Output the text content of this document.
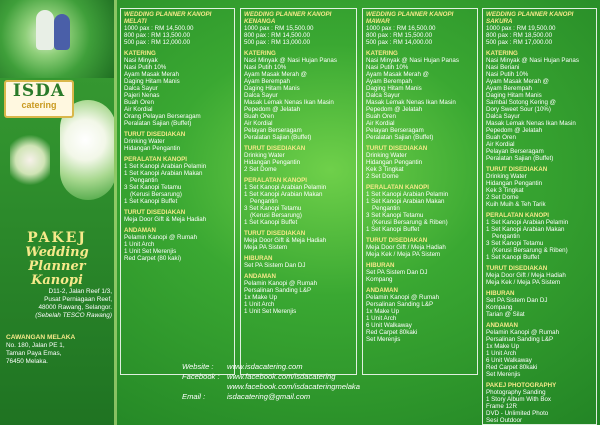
ISDA
catering
PAKEJ
Wedding Planner
Kanopi
D11-2, Jalan Reef 1/3,
Pusat Perniagaan Reef,
48000 Rawang, Selangor.
(Sebelah TESCO Rawang)
CAWANGAN MELAKA
No. 180, Jalan PE 1,
Taman Paya Emas,
76450 Melaka.
WEDDING PLANNER KANOPI MELATI
1000 pax : RM 14,500.00
800 pax : RM 13,500.00
500 pax : RM 12,000.00
KATERING
Nasi Minyak
Nasi Putih 10%
Ayam Masak Merah
Daging Hitam Manis
Dalca Sayur
Pajeri Nenas
Buah Oren
Air Kordial
Orang Pelayan Berseragam
Peralatan Sajian (Buffet)
TURUT DISEDIAKAN
Drinking Water
Hidangan Pengantin
PERALATAN KANOPI
1 Set Kanopi Arabian Pelamin
1 Set Kanopi Arabian Makan
Pengantin
3 Set Kanopi Tetamu
(Kerusi Bersarung)
1 Set Kanopi Buffet
TURUT DISEDIAKAN
Meja Door Gift & Meja Hadiah
ANDAMAN
Pelamin Kanopi @ Rumah
1 Unit Arch
1 Unit Set Merenjis
Red Carpet (80 kaki)
WEDDING PLANNER KANOPI KENANGA
1000 pax : RM 15,500.00
800 pax : RM 14,500.00
500 pax : RM 13,000.00
KATERING
Nasi Minyak @ Nasi Hujan Panas
Nasi Putih 10%
Ayam Masak Merah @
Ayam Berempah
Daging Hitam Manis
Dalca Sayur
Masak Lemak Nenas Ikan Masin
Pepedom @ Jelatah
Buah Oren
Air Kordial
Pelayan Berseragam
Peralatan Sajian (Buffet)
TURUT DISEDIAKAN
Drinking Water
Hidangan Pengantin
2 Set Dome
PERALATAN KANOPI
1 Set Kanopi Arabian Pelamin
1 Set Kanopi Arabian Makan
Pengantin
3 Set Kanopi Tetamu
(Kerusi Bersarung)
1 Set Kanopi Buffet
TURUT DISEDIAKAN
Meja Door Gift & Meja Hadiah
Meja PA Sistem
HIBURAN
Set PA Sistem Dan DJ
ANDAMAN
Pelamin Kanopi @ Rumah
Persalinan Sanding L&P
1x Make Up
1 Unit Arch
1 Unit Set Merenjis
WEDDING PLANNER KANOPI MAWAR
1000 pax : RM 16,500.00
800 pax : RM 15,500.00
500 pax : RM 14,000.00
KATERING
Nasi Minyak @ Nasi Hujan Panas
Nasi Putih 10%
Ayam Masak Merah @
Ayam Berempah
Daging Hitam Manis
Dalca Sayur
Masak Lemak Nenas Ikan Masin
Pepedom @ Jelatah
Buah Oren
Air Kordial
Pelayan Berseragam
Peralatan Sajian (Buffet)
TURUT DISEDIAKAN
Drinking Water
Hidangan Pengantin
Kek 3 Tingkat
2 Set Dome
PERALATAN KANOPI
1 Set Kanopi Arabian Pelamin
1 Set Kanopi Arabian Makan
Pengantin
3 Set Kanopi Tetamu
(Kerusi Bersarung & Riben)
1 Set Kanopi Buffet
TURUT DISEDIAKAN
Meja Door Gift / Meja Hadiah
Meja Kek / Meja PA Sistem
HIBURAN
Set PA Sistem Dan DJ
Kompang
ANDAMAN
Pelamin Kanopi @ Rumah
Persalinan Sanding L&P
1x Make Up
1 Unit Arch
6 Unit Walkaway
Red Carpet 80kaki
Set Merenjis
WEDDING PLANNER KANOPI SAKURA
1000 pax : RM 19,500.00
800 pax : RM 18,500.00
500 pax : RM 17,000.00
KATERING
Nasi Minyak @ Nasi Hujan Panas
Nasi Beriani
Nasi Putih 10%
Ayam Masak Merah @
Ayam Berempah
Daging Hitam Manis
Sambal Sotong Kering @
Dory Sweet Sour (10%)
Dalca Sayur
Masak Lemak Nenas Ikan Masin
Pepedom @ Jelatah
Buah Oren
Air Kordial
Pelayan Berseragam
Peralatan Sajian (Buffet)
TURUT DISEDIAKAN
Drinking Water
Hidangan Pengantin
Kek 3 Tingkat
2 Set Dome
Kuih Muih & Teh Tarik
PERALATAN KANOPI
1 Set Kanopi Arabian Pelamin
1 Set Kanopi Arabian Makan
Pengantin
3 Set Kanopi Tetamu
(Kerusi Bersarung & Riben)
1 Set Kanopi Buffet
TURUT DISEDIAKAN
Meja Door Gift / Meja Hadiah
Meja Kek / Meja PA Sistem
HIBURAN
Set PA Sistem Dan DJ
Kompang
Tarian @ Silat
ANDAMAN
Pelamin Kanopi @ Rumah
Persalinan Sanding L&P
1x Make Up
1 Unit Arch
6 Unit Walkaway
Red Carpet 80kaki
Set Merenjis
PAKEJ PHOTOGRAPHY
Photography Sanding
1 Story Album With Box
Frame 12R
DVD - Unlimited Photo
Sesi Outdoor
Website : www.isdacatering.com
Facebook : www.facebook.com/isdacatering
www.facebook.com/isdacateringmelaka
Email :	isdacatering@gmail.com
